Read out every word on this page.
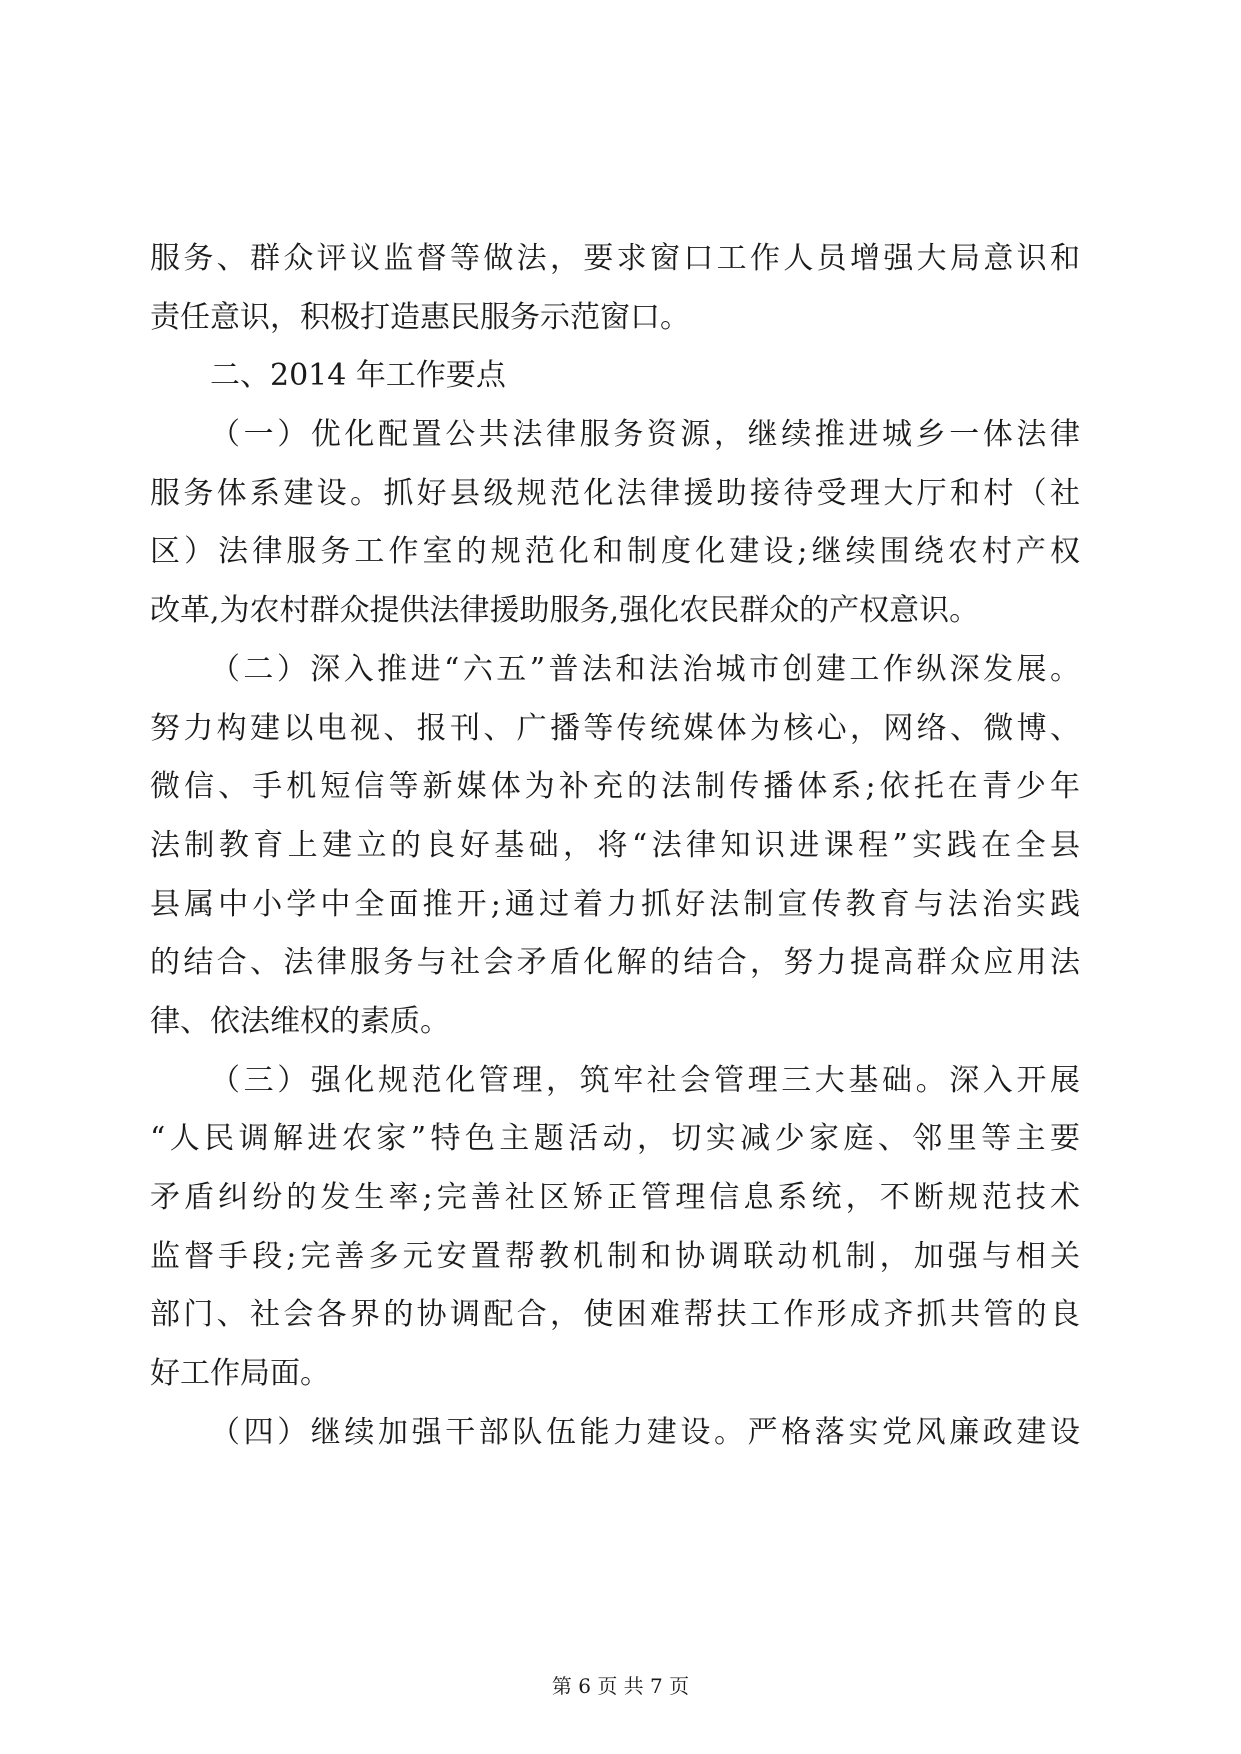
服务、群众评议监督等做法，要求窗口工作人员增强大局意识和
责任意识，积极打造惠民服务示范窗口。
二、2014 年工作要点
（一）优化配置公共法律服务资源，继续推进城乡一体法律
服务体系建设。抓好县级规范化法律援助接待受理大厅和村（社
区）法律服务工作室的规范化和制度化建设;继续围绕农村产权
改革,为农村群众提供法律援助服务,强化农民群众的产权意识。
（二）深入推进“六五”普法和法治城市创建工作纵深发展。
努力构建以电视、报刊、广播等传统媒体为核心，网络、微博、
微信、手机短信等新媒体为补充的法制传播体系;依托在青少年
法制教育上建立的良好基础，将“法律知识进课程”实践在全县
县属中小学中全面推开;通过着力抓好法制宣传教育与法治实践
的结合、法律服务与社会矛盾化解的结合，努力提高群众应用法
律、依法维权的素质。
（三）强化规范化管理，筑牢社会管理三大基础。深入开展
“人民调解进农家”特色主题活动，切实减少家庭、邻里等主要
矛盾纠纷的发生率;完善社区矫正管理信息系统，不断规范技术
监督手段;完善多元安置帮教机制和协调联动机制，加强与相关
部门、社会各界的协调配合，使困难帮扶工作形成齐抓共管的良
好工作局面。
（四）继续加强干部队伍能力建设。严格落实党风廉政建设
第 6 页 共 7 页
